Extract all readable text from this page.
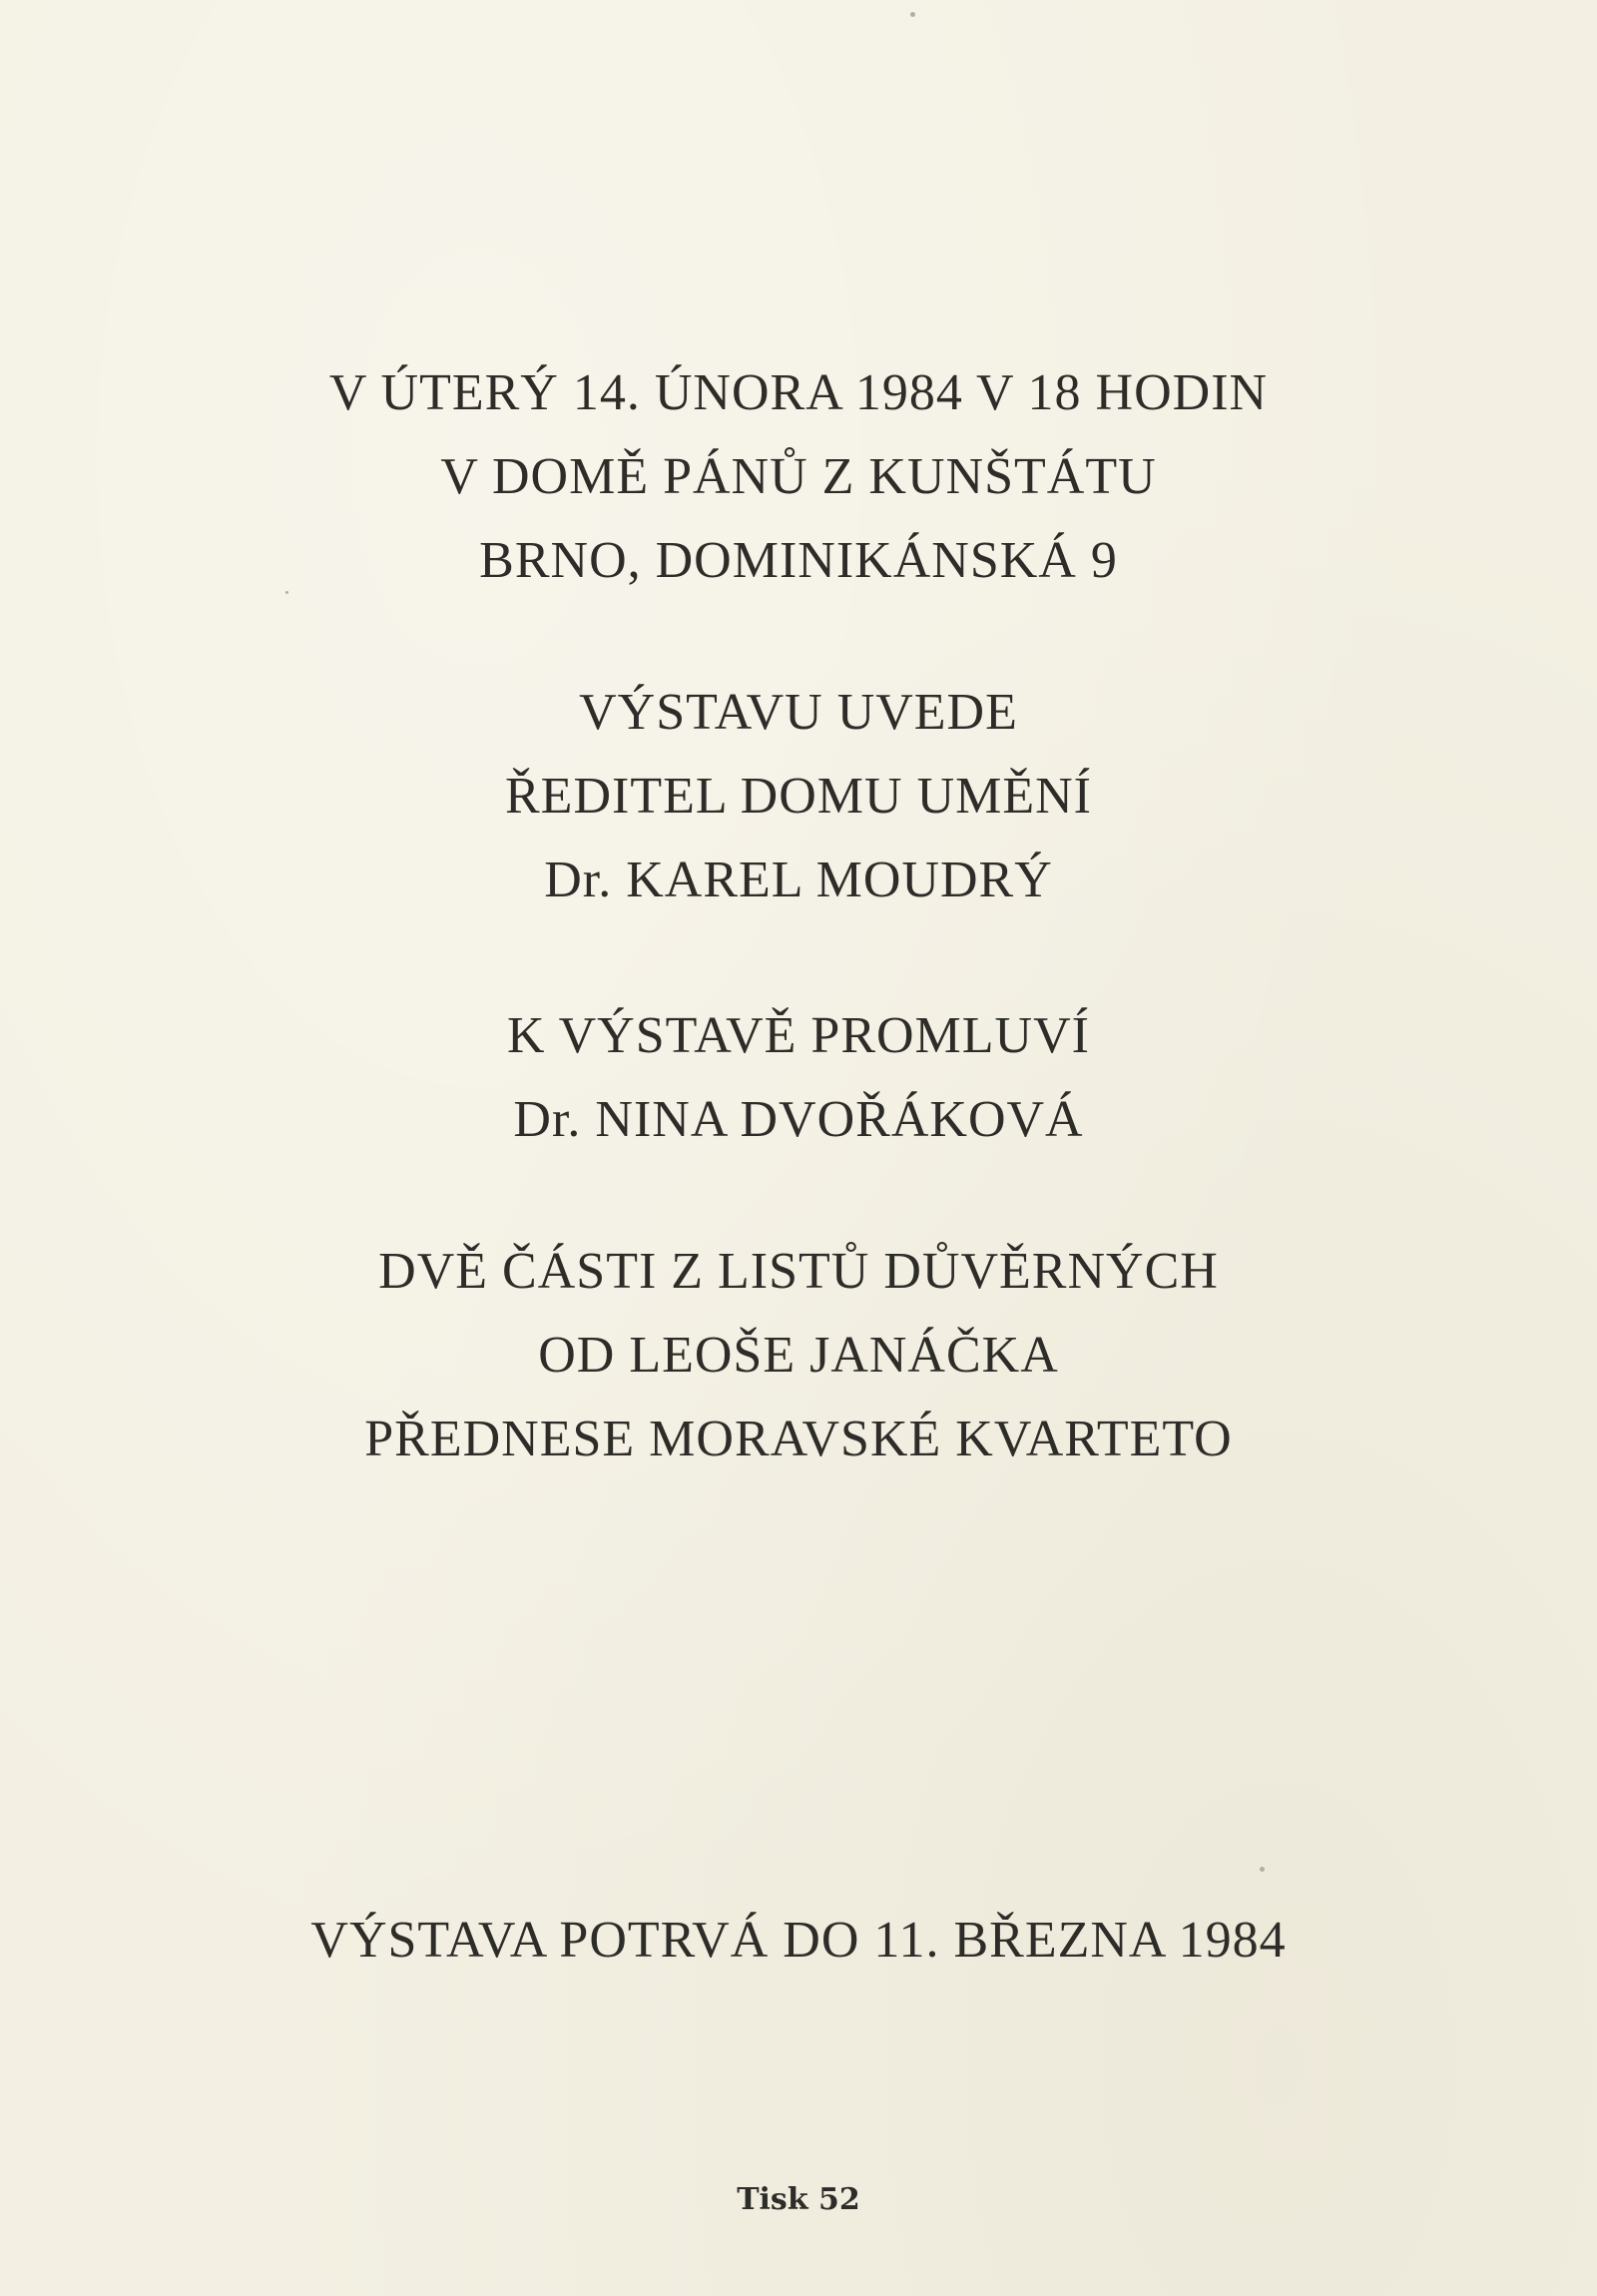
V ÚTERÝ 14. ÚNORA 1984 V 18 HODIN
V DOMĚ PÁNŮ Z KUNŠTÁTU
BRNO, DOMINIKÁNSKÁ 9
VÝSTAVU UVEDE
ŘEDITEL DOMU UMĚNÍ
Dr. KAREL MOUDRÝ
K VÝSTAVĚ PROMLUVÍ
Dr. NINA DVOŘÁKOVÁ
DVĚ ČÁSTI Z LISTŮ DŮVĚRNÝCH
OD LEOŠE JANÁČKA
PŘEDNESE MORAVSKÉ KVARTETO
VÝSTAVA POTRVÁ DO 11. BŘEZNA 1984
Tisk 52
